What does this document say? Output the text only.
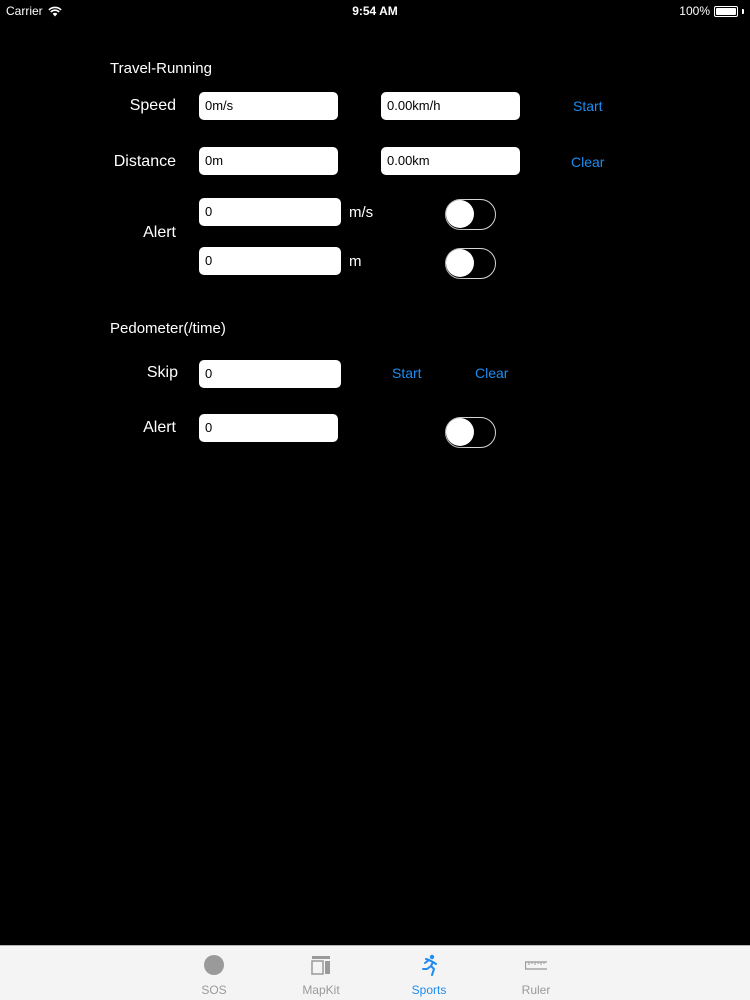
Carrier	9:54 AM	100%
Travel-Running
Speed	0m/s	0.00km/h	Start
Distance	0m	0.00km	Clear
Alert
0	m/s
0	m
Pedometer(/time)
Skip	0	Start	Clear
Alert	0
SOS	MapKit	Sports	Ruler
